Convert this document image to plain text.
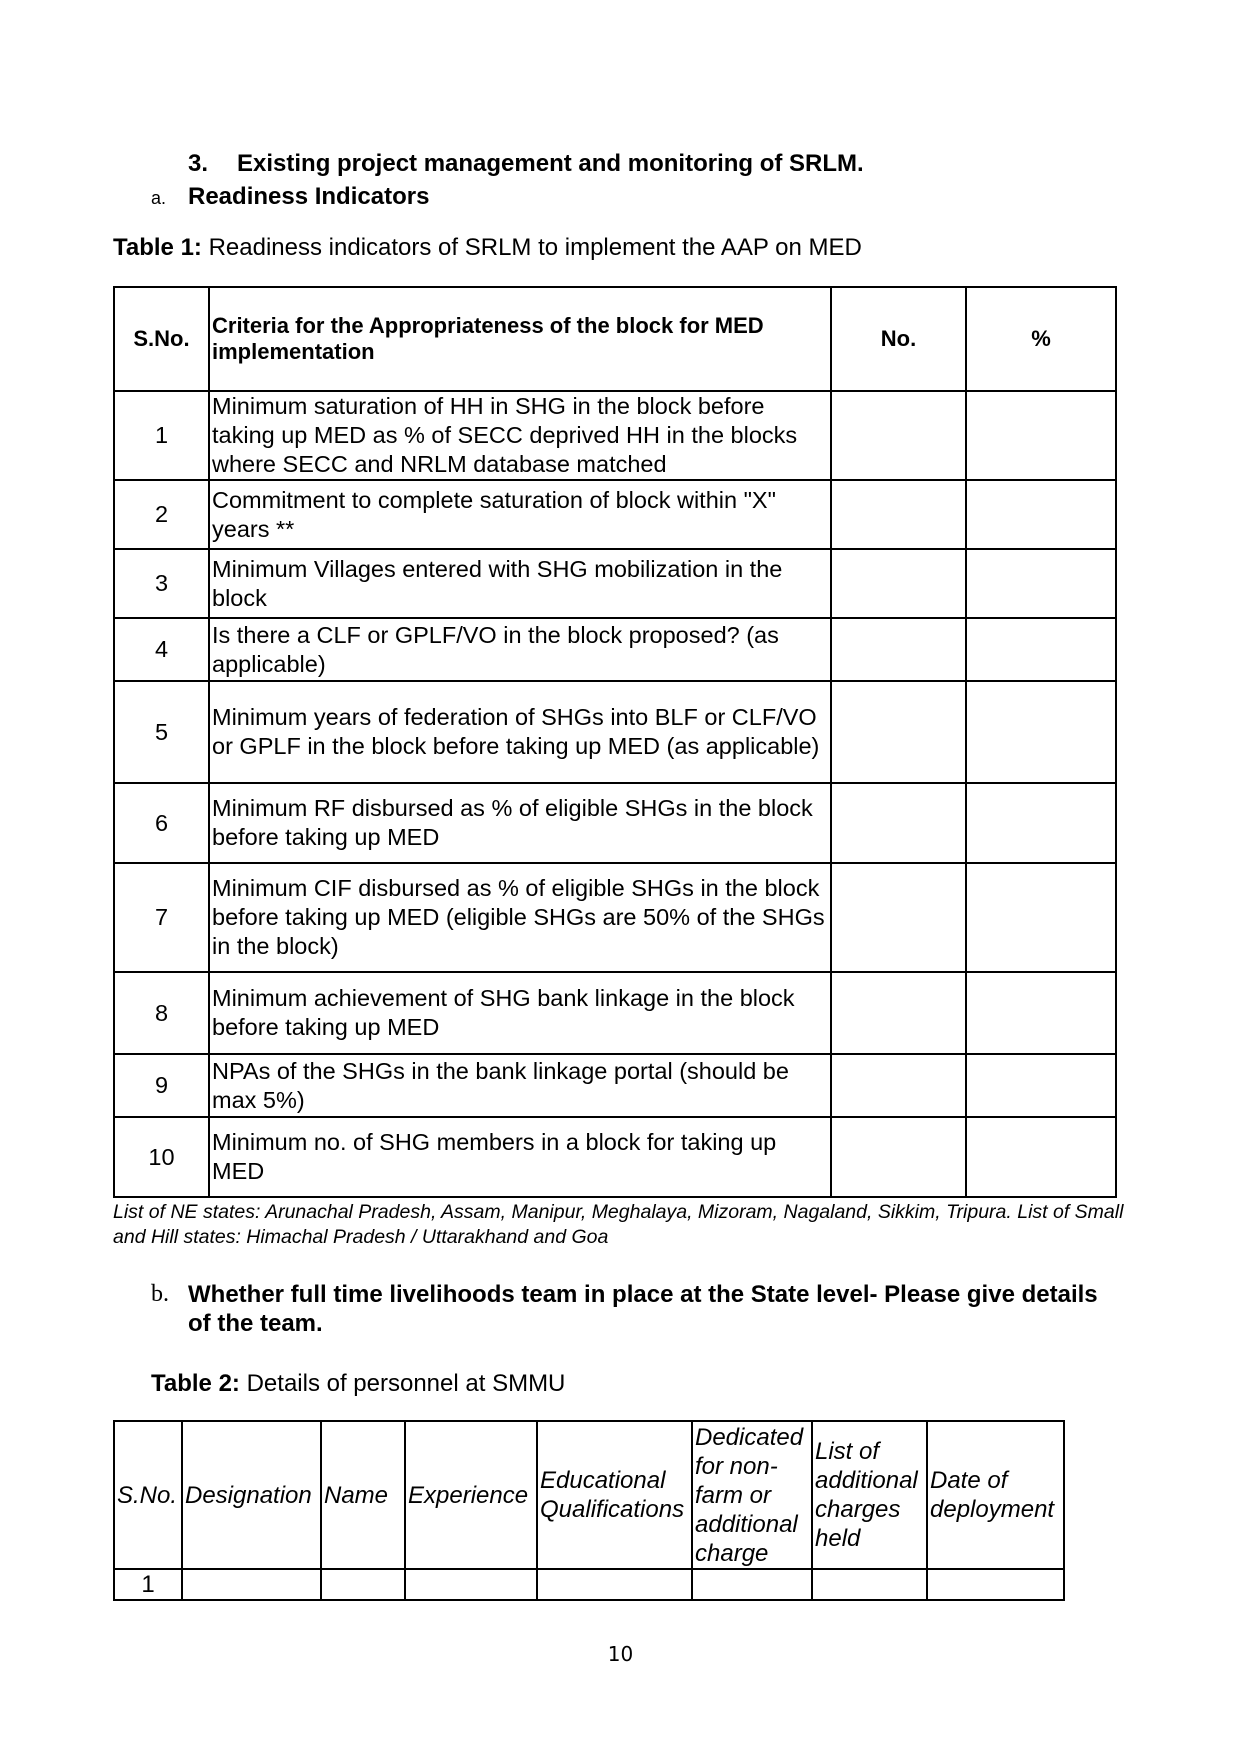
3. Existing project management and monitoring of SRLM.
a. Readiness Indicators
Table 1: Readiness indicators of SRLM to implement the AAP on MED
S.No.	Criteria for the Appropriateness of the block for MED implementation	No.	%
1	Minimum saturation of HH in SHG in the block before taking up MED as % of SECC deprived HH in the blocks where SECC and NRLM database matched		
2	Commitment to complete saturation of block within "X" years **		
3	Minimum Villages entered with SHG mobilization in the block		
4	Is there a CLF or GPLF/VO in the block proposed? (as applicable)		
5	Minimum years of federation of SHGs into BLF or CLF/VO or GPLF in the block before taking up MED (as applicable)		
6	Minimum RF disbursed as % of eligible SHGs in the block before taking up MED		
7	Minimum CIF disbursed as % of eligible SHGs in the block before taking up MED (eligible SHGs are 50% of the SHGs in the block)		
8	Minimum achievement of SHG bank linkage in the block before taking up MED		
9	NPAs of the SHGs in the bank linkage portal (should be max 5%)		
10	Minimum no. of SHG members in a block for taking up MED		
List of NE states: Arunachal Pradesh, Assam, Manipur, Meghalaya, Mizoram, Nagaland, Sikkim, Tripura. List of Small and Hill states: Himachal Pradesh / Uttarakhand and Goa
b. Whether full time livelihoods team in place at the State level- Please give details of the team.
Table 2: Details of personnel at SMMU
S.No.	Designation	Name	Experience	Educational Qualifications	Dedicated for non-farm or additional charge	List of additional charges held	Date of deployment
1							
10
